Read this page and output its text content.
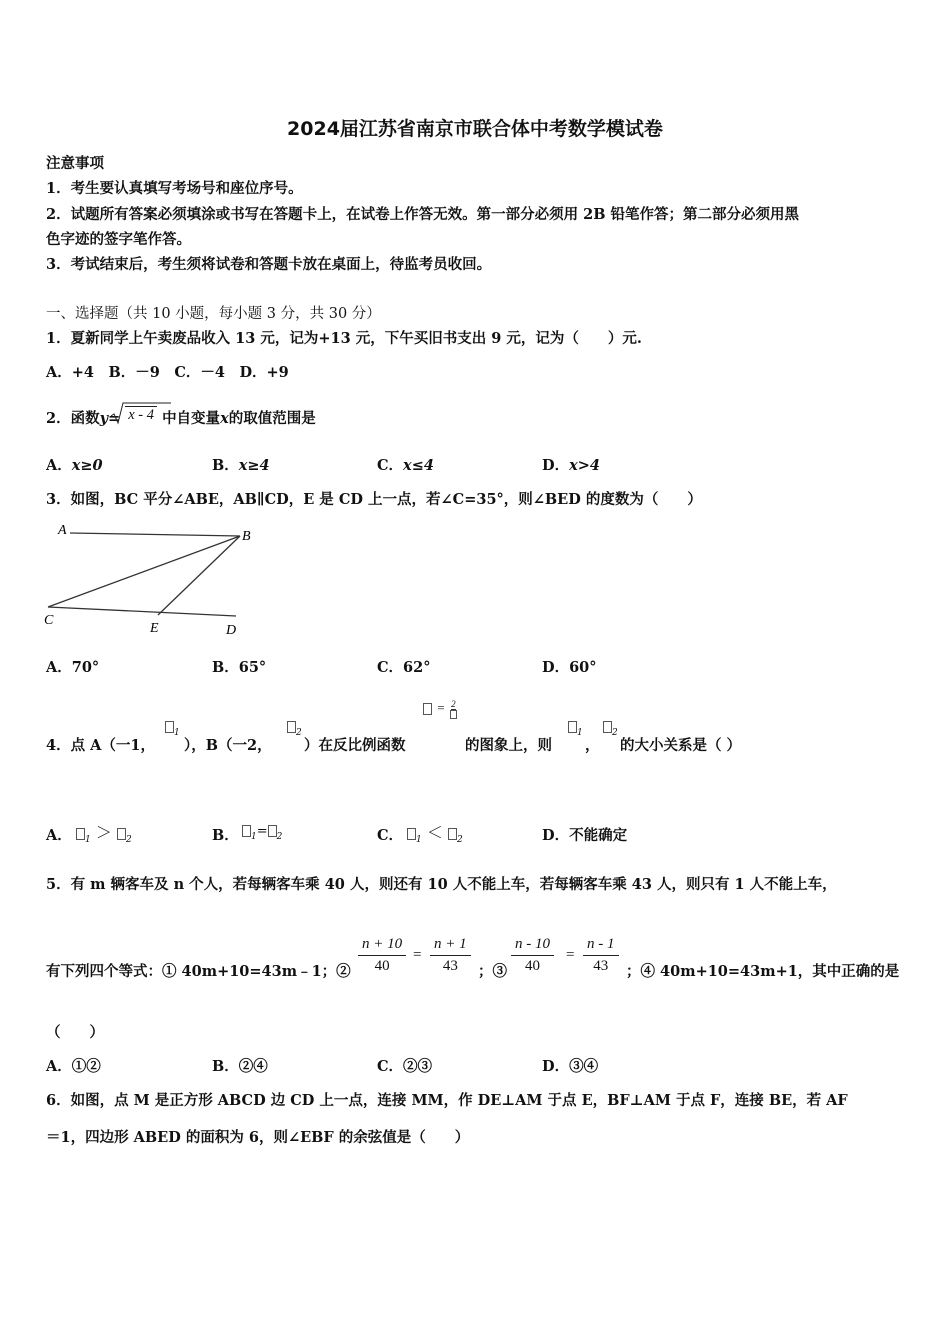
2024届江苏省南京市联合体中考数学模试卷
注意事项
1．考生要认真填写考场号和座位序号。
2．试题所有答案必须填涂或书写在答题卡上，在试卷上作答无效。第一部分必须用 2B 铅笔作答；第二部分必须用黑
色字迹的签字笔作答。
3．考试结束后，考生须将试卷和答题卡放在桌面上，待监考员收回。
一、选择题（共 10 小题，每小题 3 分，共 30 分）
1．夏新同学上午卖废品收入 13 元，记为+13 元，下午买旧书支出 9 元，记为（　　）元.
A．+4　B．－9　C．－4　D．+9
2．函数y= x - 4 中自变量x的取值范围是
A．x≥0	B．x≥4	C．x≤4	D．x>4
3．如图，BC 平分∠ABE，AB∥CD，E 是 CD 上一点，若∠C=35°，则∠BED 的度数为（　　）
A	B
C
E	D
A．70°	B．65°	C．62°	D．60°
$_1$	$_2$
= 2
$_1$	$_2$
4．点 A（一1， ），B（一2， ）在反比例函数	的图象上，则 ， 的大小关系是（ ）
$_1$ ＞ $_2$
A．	$_1$= $_2$
B．	$_1$ ＜ $_2$
C．	D．不能确定
5．有 m 辆客车及 n 个人，若每辆客车乘 40 人，则还有 10 人不能上车，若每辆客车乘 43 人，则只有 1 人不能上车，
$\frac{n + 10}{40} = \frac{n + 1}{43}$	$\frac{n - 10}{40} = \frac{n - 1}{43}$
有下列四个等式：① 40m+10=43m﹣1；②	；③	；④ 40m+10=43m+1，其中正确的是
（　　）
A．①②	B．②④	C．②③	D．③④
6．如图，点 M 是正方形 ABCD 边 CD 上一点，连接 MM，作 DE⊥AM 于点 E，BF⊥AM 于点 F，连接 BE，若 AF
＝1，四边形 ABED 的面积为 6，则∠EBF 的余弦值是（　　）
